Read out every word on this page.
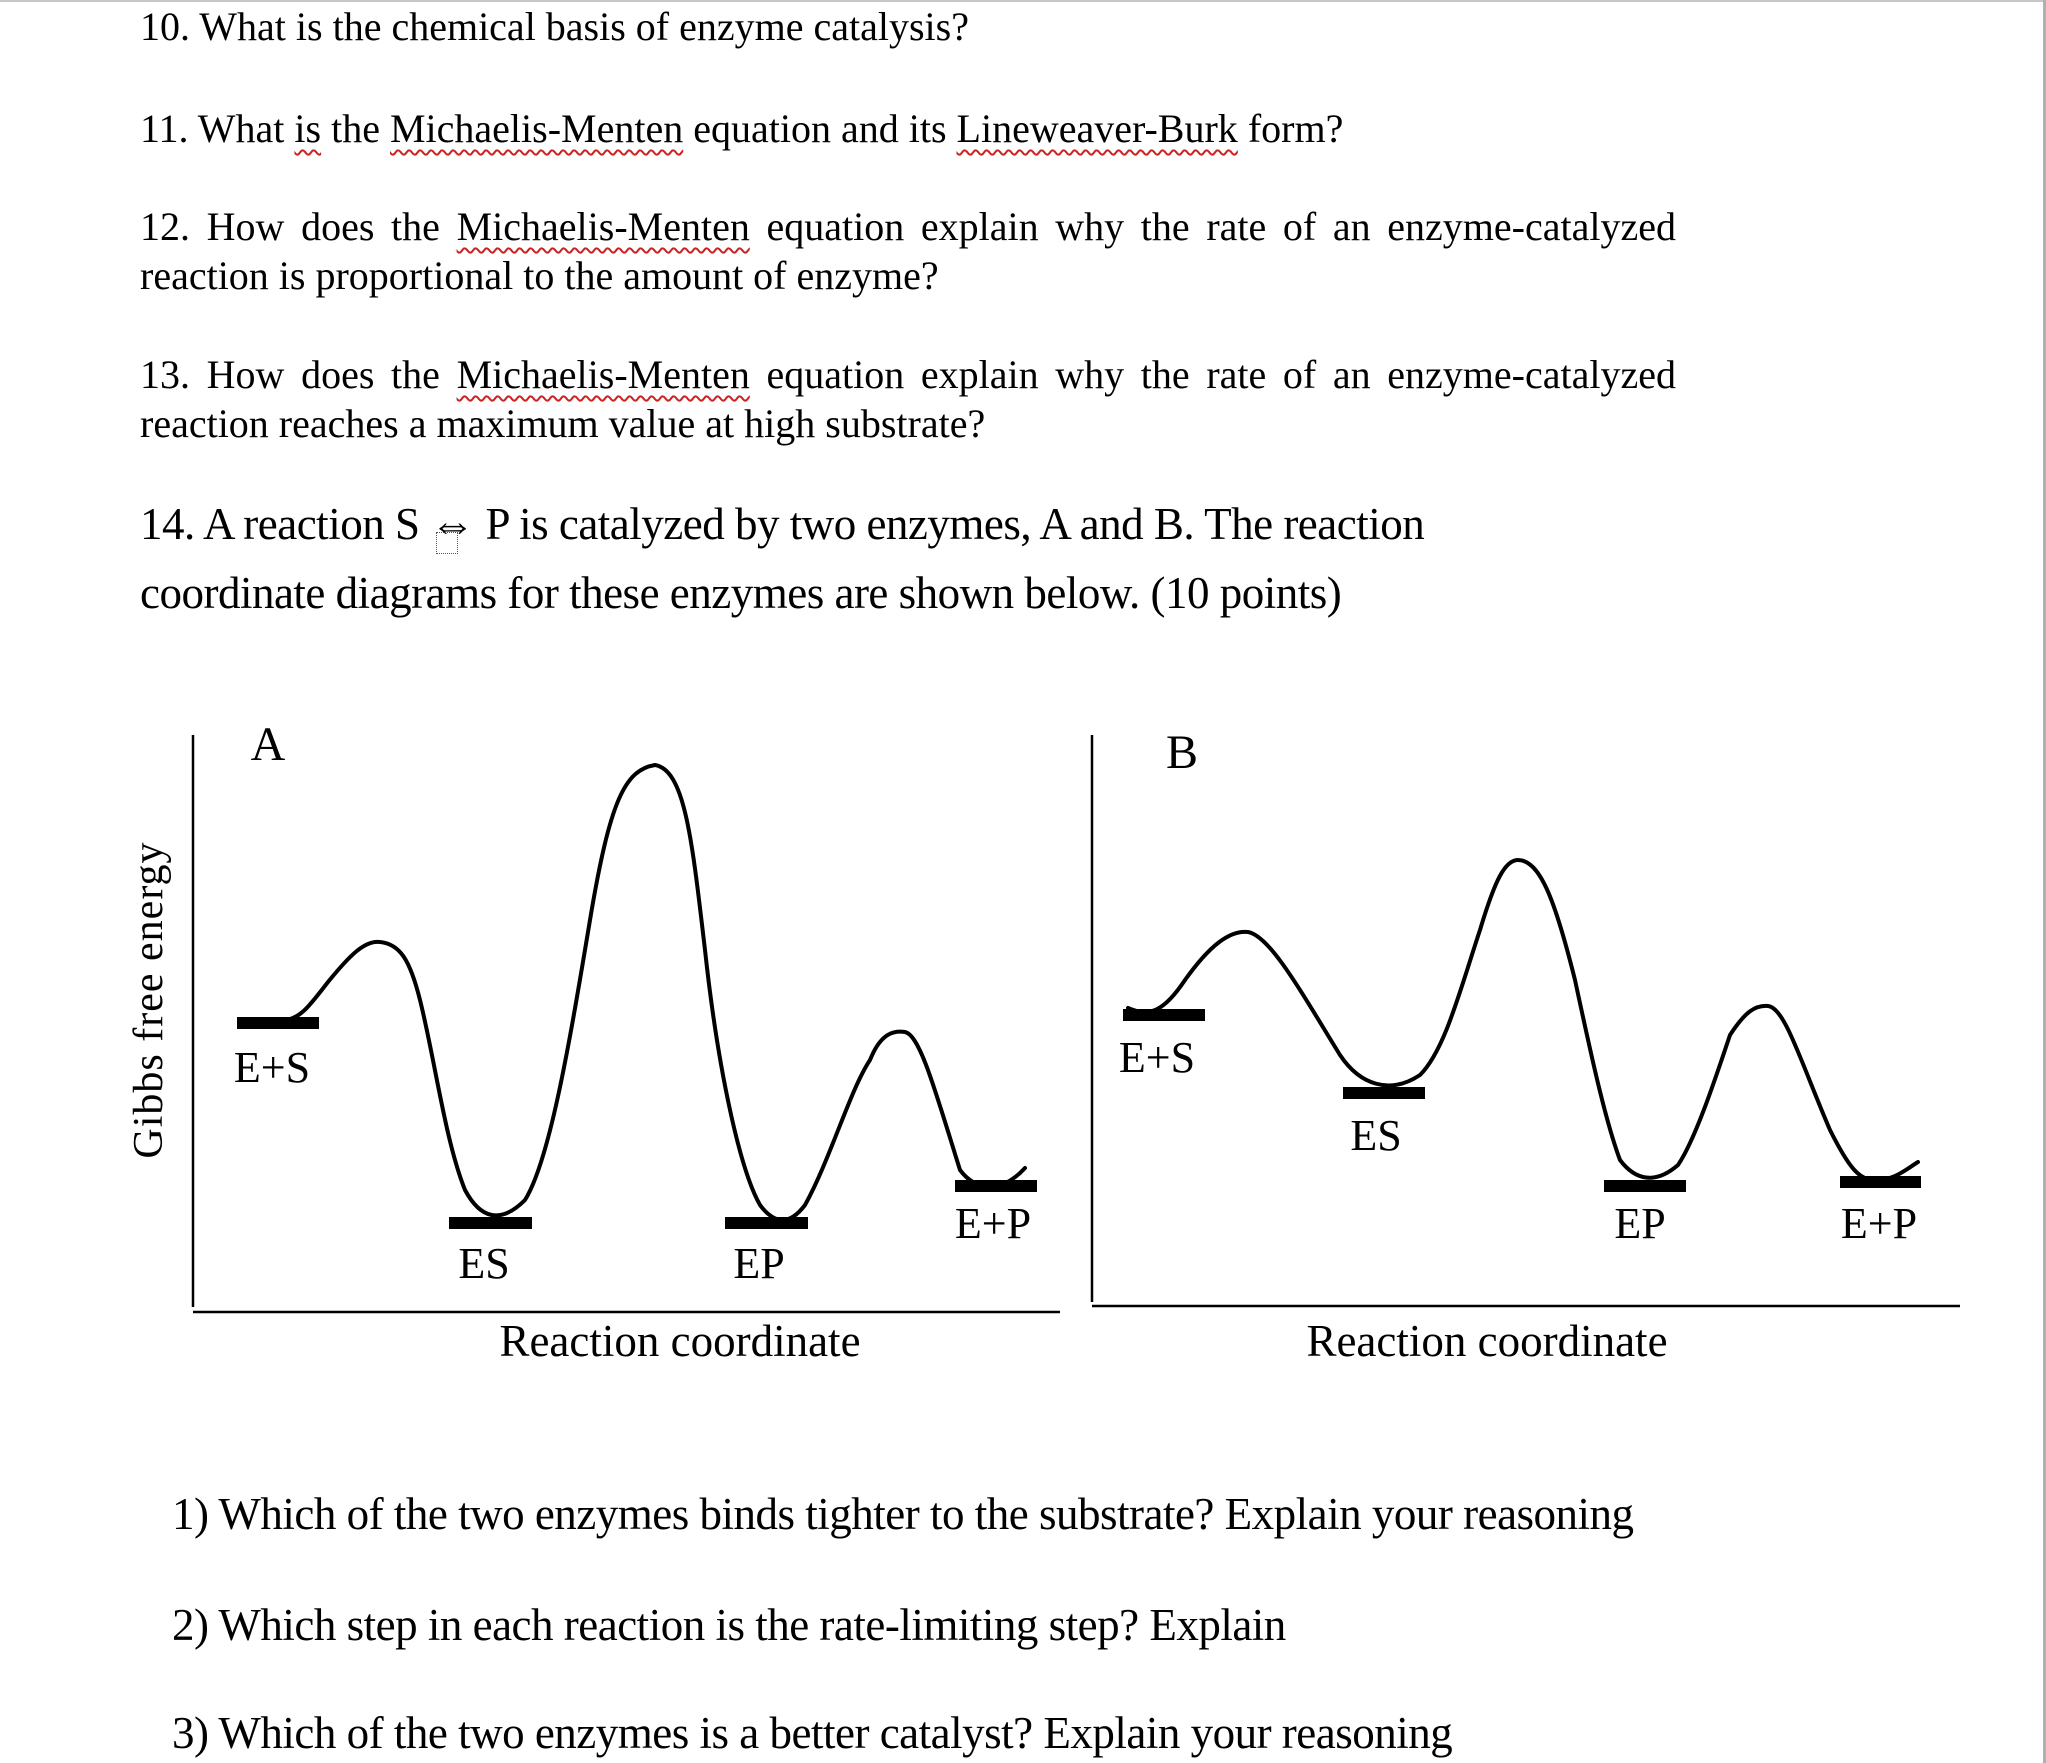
10. What is the chemical basis of enzyme catalysis?

11. What is the Michaelis-Menten equation and its Lineweaver-Burk form?

12. How does the Michaelis-Menten equation explain why the rate of an enzyme-catalyzed reaction is proportional to the amount of enzyme?

13. How does the Michaelis-Menten equation explain why the rate of an enzyme-catalyzed reaction reaches a maximum value at high substrate?

14. A reaction S ⇔
P is catalyzed by two enzymes, A and B. The reaction coordinate diagrams for these enzymes are shown below. (10 points)

Gibbs free energy
A
E+S
ES	EP
E+P
Reaction coordinate
B
E+S
ES
EP	E+P
Reaction coordinate

1) Which of the two enzymes binds tighter to the substrate? Explain your reasoning

2) Which step in each reaction is the rate-limiting step? Explain

3) Which of the two enzymes is a better catalyst? Explain your reasoning
